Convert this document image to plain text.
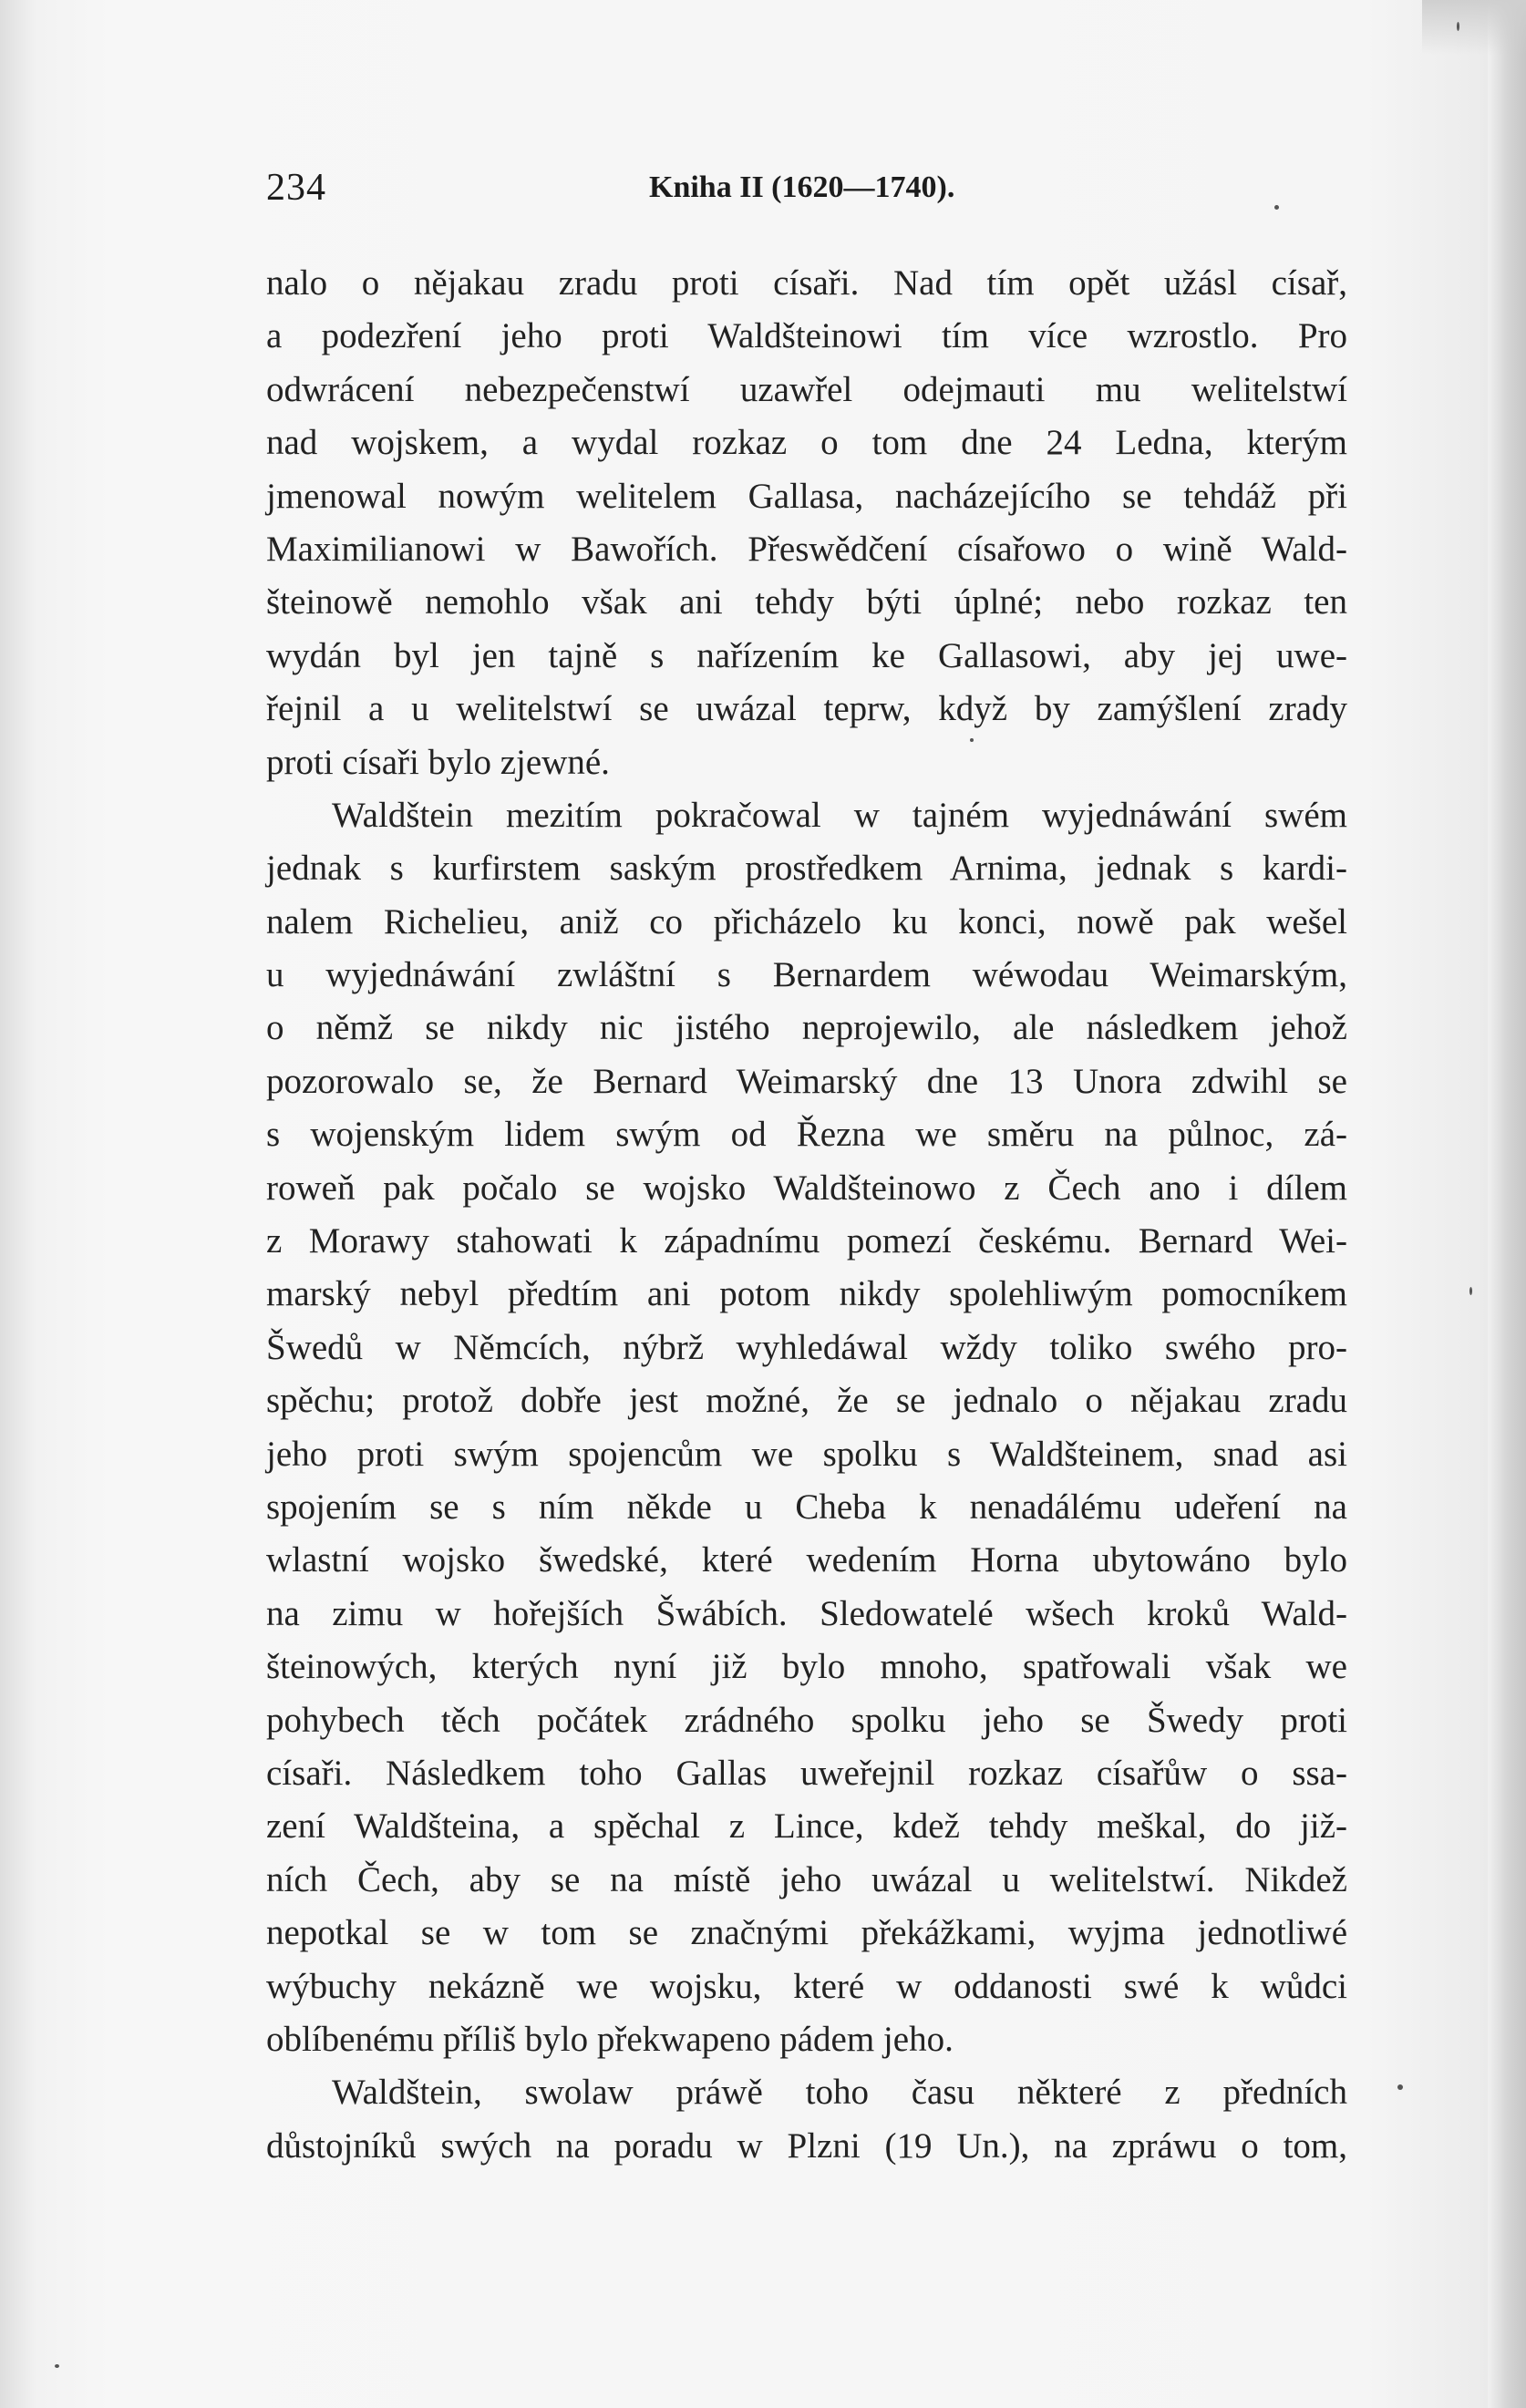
234	Kniha II (1620—1740).
nalo o nějakau zradu proti císaři. Nad tím opět užásl císař,
a podezření jeho proti Waldšteinowi tím více wzrostlo. Pro
odwrácení nebezpečenstwí uzawřel odejmauti mu welitelstwí
nad wojskem, a wydal rozkaz o tom dne 24 Ledna, kterým
jmenowal nowým welitelem Gallasa, nacházejícího se tehdáž při
Maximilianowi w Bawořích. Přeswědčení císařowo o wině Wald-
šteinowě nemohlo však ani tehdy býti úplné; nebo rozkaz ten
wydán byl jen tajně s nařízením ke Gallasowi, aby jej uwe-
řejnil a u welitelstwí se uwázal teprw, když by zamýšlení zrady
proti císaři bylo zjewné.
Waldštein mezitím pokračowal w tajném wyjednáwání swém
jednak s kurfirstem saským prostředkem Arnima, jednak s kardi-
nalem Richelieu, aniž co přicházelo ku konci, nowě pak wešel
u wyjednáwání zwláštní s Bernardem wéwodau Weimarským,
o němž se nikdy nic jistého neprojewilo, ale následkem jehož
pozorowalo se, že Bernard Weimarský dne 13 Unora zdwihl se
s wojenským lidem swým od Řezna we směru na půlnoc, zá-
roweň pak počalo se wojsko Waldšteinowo z Čech ano i dílem
z Morawy stahowati k západnímu pomezí českému. Bernard Wei-
marský nebyl předtím ani potom nikdy spolehliwým pomocníkem
Šwedů w Němcích, nýbrž wyhledáwal wždy toliko swého pro-
spěchu; protož dobře jest možné, že se jednalo o nějakau zradu
jeho proti swým spojencům we spolku s Waldšteinem, snad asi
spojením se s ním někde u Cheba k nenadálému udeření na
wlastní wojsko šwedské, které wedením Horna ubytowáno bylo
na zimu w hořejších Šwábích. Sledowatelé wšech kroků Wald-
šteinowých, kterých nyní již bylo mnoho, spatřowali však we
pohybech těch počátek zrádného spolku jeho se Šwedy proti
císaři. Následkem toho Gallas uweřejnil rozkaz císařůw o ssa-
zení Waldšteina, a spěchal z Lince, kdež tehdy meškal, do již-
ních Čech, aby se na místě jeho uwázal u welitelstwí. Nikdež
nepotkal se w tom se značnými překážkami, wyjma jednotliwé
wýbuchy nekázně we wojsku, které w oddanosti swé k wůdci
oblíbenému příliš bylo překwapeno pádem jeho.
Waldštein, swolaw práwě toho času některé z předních
důstojníků swých na poradu w Plzni (19 Un.), na zpráwu o tom,
